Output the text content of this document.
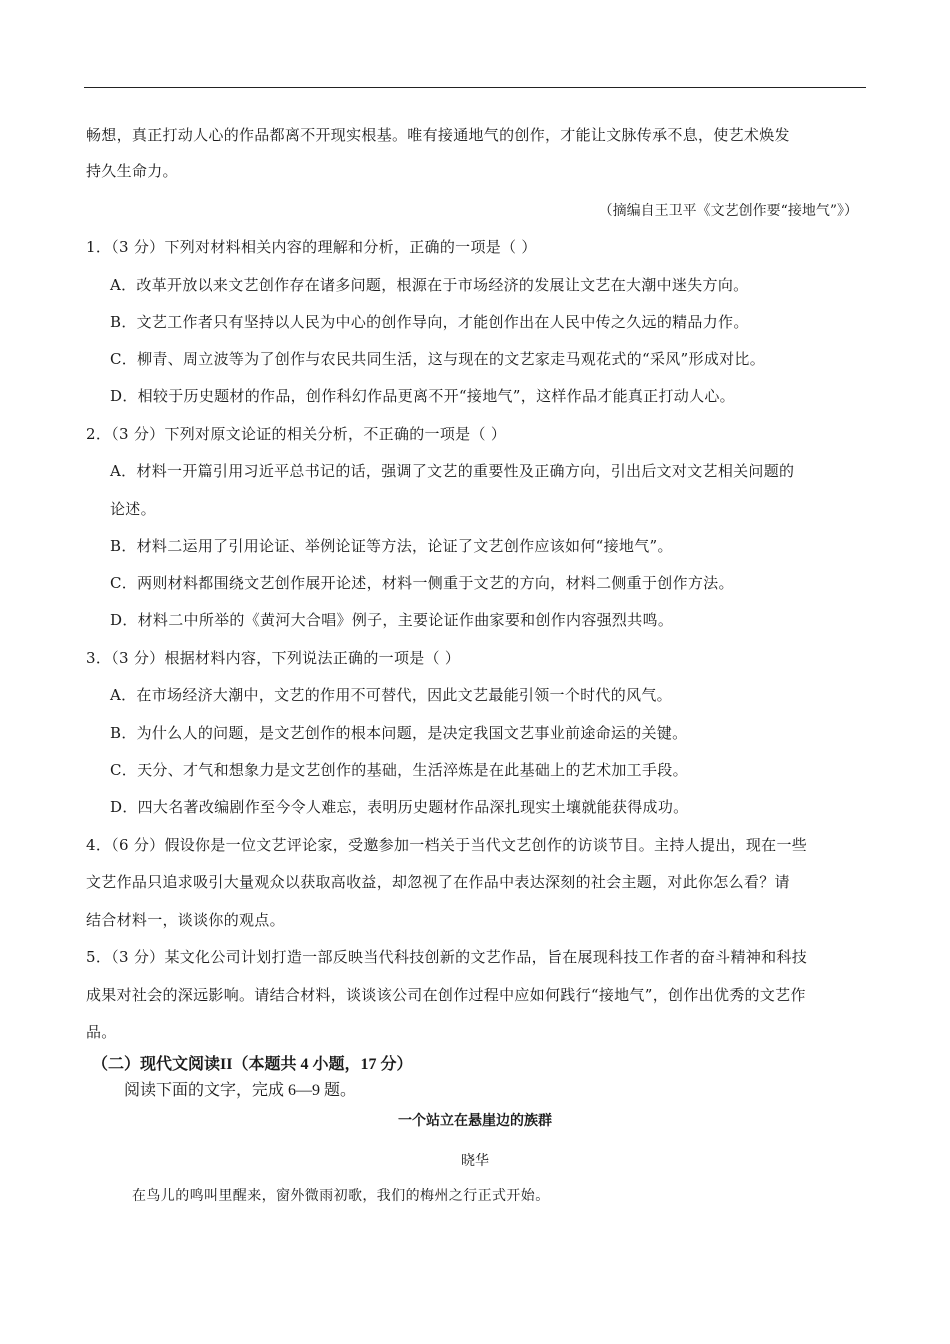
畅想，真正打动人心的作品都离不开现实根基。唯有接通地气的创作，才能让文脉传承不息，使艺术焕发
持久生命力。
（摘编自王卫平《文艺创作要“接地气”》）
1．（3 分）下列对材料相关内容的理解和分析，正确的一项是（ ）
A．改革开放以来文艺创作存在诸多问题，根源在于市场经济的发展让文艺在大潮中迷失方向。
B．文艺工作者只有坚持以人民为中心的创作导向，才能创作出在人民中传之久远的精品力作。
C．柳青、周立波等为了创作与农民共同生活，这与现在的文艺家走马观花式的“采风”形成对比。
D．相较于历史题材的作品，创作科幻作品更离不开“接地气”，这样作品才能真正打动人心。
2．（3 分）下列对原文论证的相关分析，不正确的一项是（ ）
A．材料一开篇引用习近平总书记的话，强调了文艺的重要性及正确方向，引出后文对文艺相关问题的
论述。
B．材料二运用了引用论证、举例论证等方法，论证了文艺创作应该如何“接地气”。
C．两则材料都围绕文艺创作展开论述，材料一侧重于文艺的方向，材料二侧重于创作方法。
D．材料二中所举的《黄河大合唱》例子，主要论证作曲家要和创作内容强烈共鸣。
3．（3 分）根据材料内容，下列说法正确的一项是（ ）
A．在市场经济大潮中，文艺的作用不可替代，因此文艺最能引领一个时代的风气。
B．为什么人的问题，是文艺创作的根本问题，是决定我国文艺事业前途命运的关键。
C．天分、才气和想象力是文艺创作的基础，生活淬炼是在此基础上的艺术加工手段。
D．四大名著改编剧作至今令人难忘，表明历史题材作品深扎现实土壤就能获得成功。
4．（6 分）假设你是一位文艺评论家，受邀参加一档关于当代文艺创作的访谈节目。主持人提出，现在一些
文艺作品只追求吸引大量观众以获取高收益，却忽视了在作品中表达深刻的社会主题，对此你怎么看？请
结合材料一，谈谈你的观点。
5．（3 分）某文化公司计划打造一部反映当代科技创新的文艺作品，旨在展现科技工作者的奋斗精神和科技
成果对社会的深远影响。请结合材料，谈谈该公司在创作过程中应如何践行“接地气”，创作出优秀的文艺作
品。
（二）现代文阅读II（本题共 4 小题，17 分）
阅读下面的文字，完成 6—9 题。
一个站立在悬崖边的族群
晓华
在鸟儿的鸣叫里醒来，窗外微雨初歌，我们的梅州之行正式开始。
